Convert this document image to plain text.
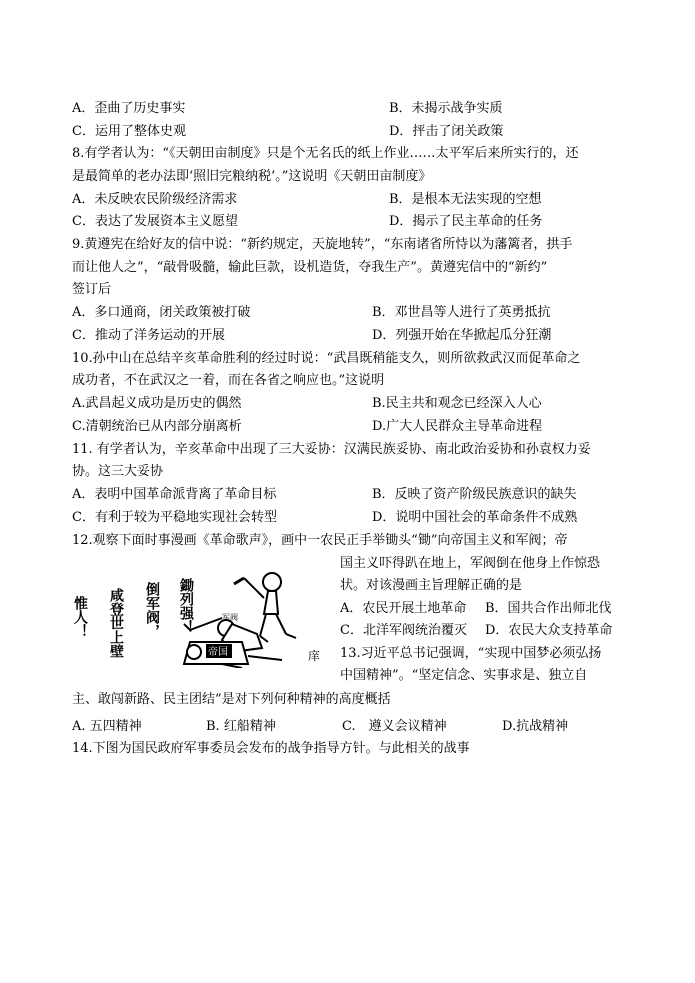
A．歪曲了历史事实	B．未揭示战争实质
C．运用了整体史观	D．抨击了闭关政策
8.有学者认为：“《天朝田亩制度》只是个无名氏的纸上作业……太平军后来所实行的，还
是最简单的老办法即‘照旧完粮纳税’。”这说明《天朝田亩制度》
A．未反映农民阶级经济需求	B．是根本无法实现的空想
C．表达了发展资本主义愿望	D．揭示了民主革命的任务
9.黄遵宪在给好友的信中说：“新约规定，天旋地转”，“东南诸省所恃以为藩篱者，拱手
而让他人之”，“敲骨吸髓，输此巨款，设机造货，夺我生产”。黄遵宪信中的“新约”
签订后
A．多口通商，闭关政策被打破	B．邓世昌等人进行了英勇抵抗
C．推动了洋务运动的开展	D．列强开始在华掀起瓜分狂潮
10.孙中山在总结辛亥革命胜利的经过时说：“武昌既稍能支久，则所欲救武汉而促革命之
成功者，不在武汉之一着，而在各省之响应也。”这说明
A.武昌起义成功是历史的偶然	B.民主共和观念已经深入人心
C.清朝统治已从内部分崩离析	D.广大人民群众主导革命进程
11. 有学者认为，辛亥革命中出现了三大妥协：汉满民族妥协、南北政治妥协和孙袁权力妥
协。这三大妥协
A．表明中国革命派背离了革命目标	B．反映了资产阶级民族意识的缺失
C．有利于较为平稳地实现社会转型	D．说明中国社会的革命条件不成熟
12.观察下面时事漫画《革命歌声》，画中一农民正手举锄头“锄”向帝国主义和军阀；帝
国主义吓得趴在地上，军阀倒在他身上作惊恐
状。对该漫画主旨理解正确的是
A．农民开展土地革命 B．国共合作出师北伐
C．北洋军阀统治覆灭 D．农民大众支持革命
惟人！ 咸登世上壁 倒军阀， 鋤列强！
帝国	庠
军阀
13.习近平总书记强调，“实现中国梦必须弘扬
中国精神”。“坚定信念、实事求是、独立自
主、敢闯新路、民主团结”是对下列何种精神的高度概括
A. 五四精神	B. 红船精神	C.　遵义会议精神	D.抗战精神
14.下图为国民政府军事委员会发布的战争指导方针。与此相关的战事
